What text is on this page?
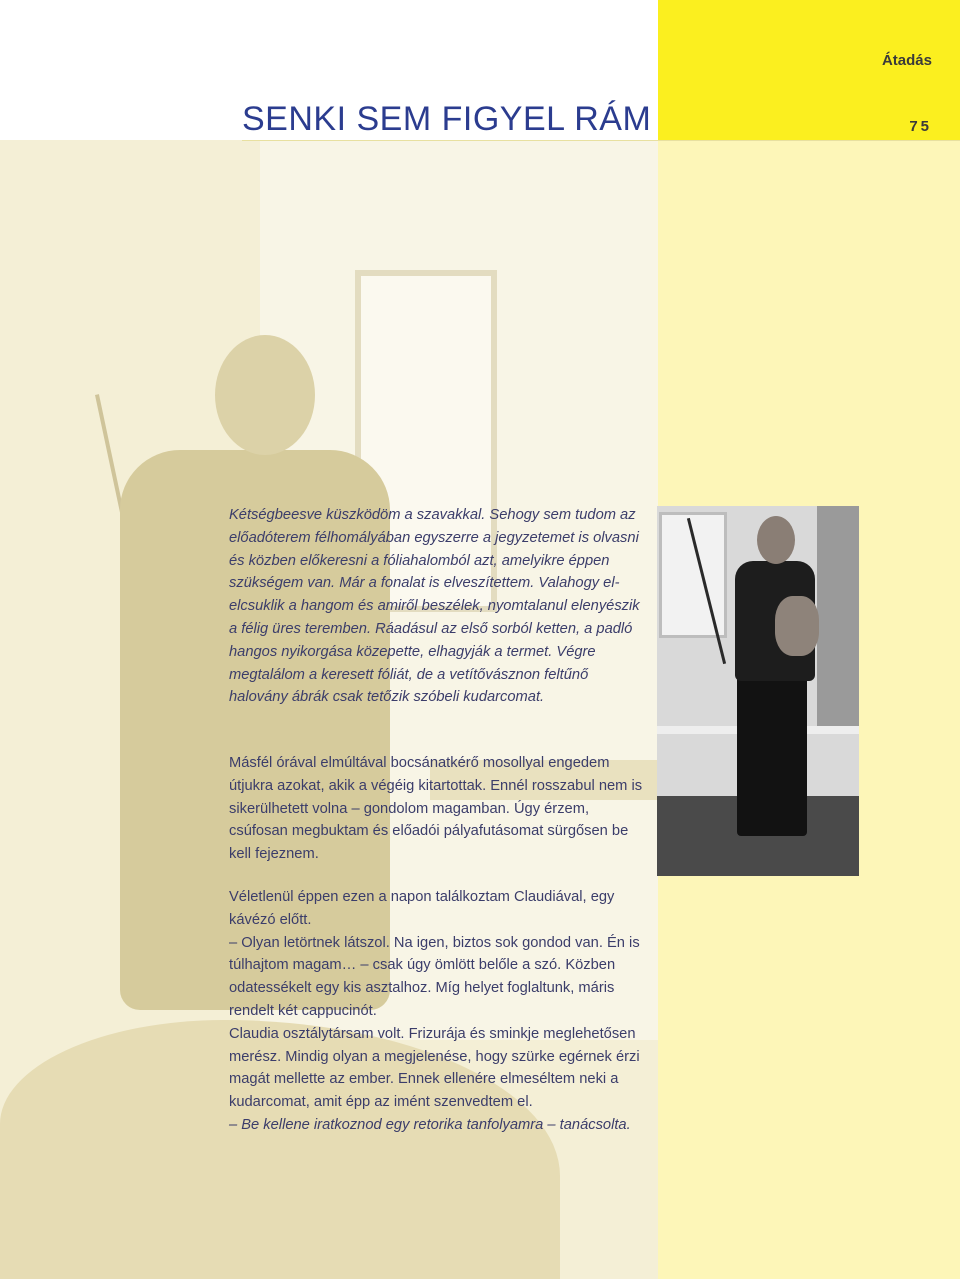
Átadás
SENKI SEM FIGYEL RÁM	75

Kétségbeesve küszködöm a szavakkal. Sehogy sem tudom az előadóterem félhomályában egyszerre a jegyzetemet is olvasni és közben előkeresni a fóliahalomból azt, amelyikre éppen szükségem van. Már a fonalat is elveszítettem. Valahogy el-elcsuklik a hangom és amiről beszélek, nyomtalanul elenyészik a félig üres teremben. Ráadásul az első sorból ketten, a padló hangos nyikorgása közepette, elhagyják a termet. Végre megtalálom a keresett fóliát, de a vetítővásznon feltűnő halovány ábrák csak tetőzik szóbeli kudarcomat.

Másfél órával elmúltával bocsánatkérő mosollyal engedem útjukra azokat, akik a végéig kitartottak. Ennél rosszabul nem is sikerülhetett volna – gondolom magamban. Úgy érzem, csúfosan megbuktam és előadói pályafutásomat sürgősen be kell fejeznem.

Véletlenül éppen ezen a napon találkoztam Claudiával, egy kávézó előtt.

– Olyan letörtnek látszol. Na igen, biztos sok gondod van. Én is túlhajtom magam… – csak úgy ömlött belőle a szó. Közben odatessékelt egy kis asztalhoz. Míg helyet foglaltunk, máris rendelt két cappucinót.

Claudia osztálytársam volt. Frizurája és sminkje meglehetősen merész. Mindig olyan a megjelenése, hogy szürke egérnek érzi magát mellette az ember. Ennek ellenére elmeséltem neki a kudarcomat, amit épp az imént szenvedtem el.

– Be kellene iratkoznod egy retorika tanfolyamra – tanácsolta.
